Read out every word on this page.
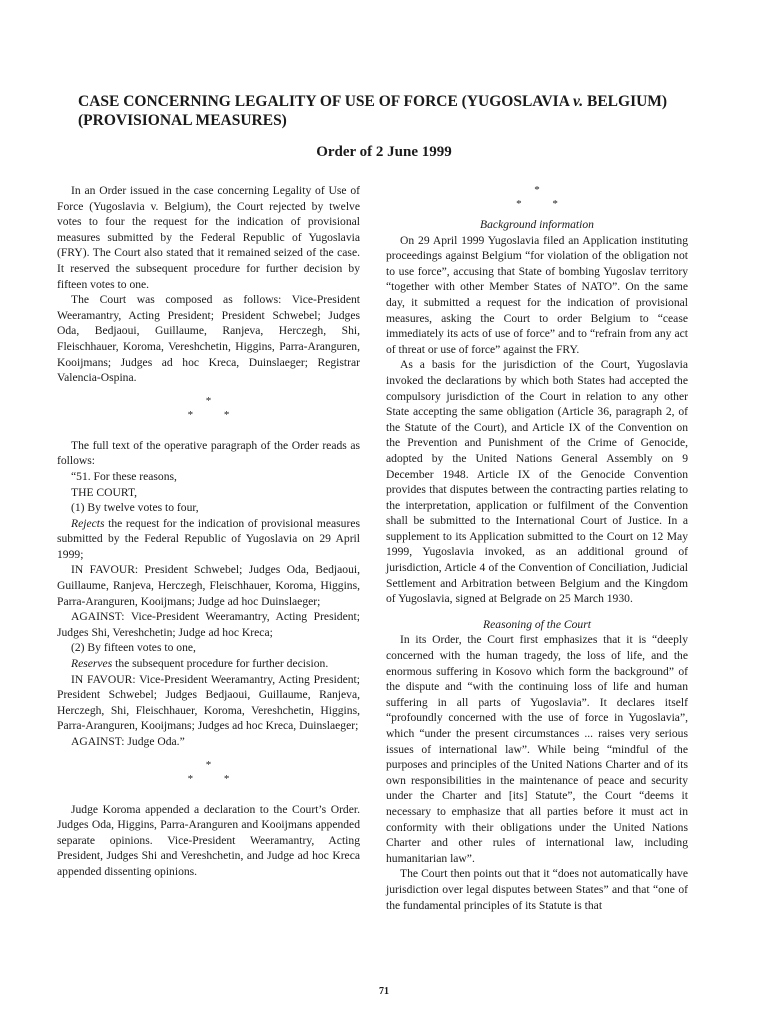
CASE CONCERNING LEGALITY OF USE OF FORCE (YUGOSLAVIA v. BELGIUM) (PROVISIONAL MEASURES)
Order of 2 June 1999

In an Order issued in the case concerning Legality of Use of Force (Yugoslavia v. Belgium), the Court rejected by twelve votes to four the request for the indication of provisional measures submitted by the Federal Republic of Yugoslavia (FRY). The Court also stated that it remained seized of the case. It reserved the subsequent procedure for further decision by fifteen votes to one.

The Court was composed as follows: Vice-President Weeramantry, Acting President; President Schwebel; Judges Oda, Bedjaoui, Guillaume, Ranjeva, Herczegh, Shi, Fleischhauer, Koroma, Vereshchetin, Higgins, Parra-Aranguren, Kooijmans; Judges ad hoc Kreca, Duinslaeger; Registrar Valencia-Ospina.

*
* *

The full text of the operative paragraph of the Order reads as follows:

“51. For these reasons,

THE COURT,

(1) By twelve votes to four,

Rejects the request for the indication of provisional measures submitted by the Federal Republic of Yugoslavia on 29 April 1999;

IN FAVOUR: President Schwebel; Judges Oda, Bedjaoui, Guillaume, Ranjeva, Herczegh, Fleischhauer, Koroma, Higgins, Parra-Aranguren, Kooijmans; Judge ad hoc Duinslaeger;

AGAINST: Vice-President Weeramantry, Acting President; Judges Shi, Vereshchetin; Judge ad hoc Kreca;

(2) By fifteen votes to one,

Reserves the subsequent procedure for further decision.

IN FAVOUR: Vice-President Weeramantry, Acting President; President Schwebel; Judges Bedjaoui, Guillaume, Ranjeva, Herczegh, Shi, Fleischhauer, Koroma, Vereshchetin, Higgins, Parra-Aranguren, Kooijmans; Judges ad hoc Kreca, Duinslaeger;

AGAINST: Judge Oda.”

*
* *

Judge Koroma appended a declaration to the Court’s Order. Judges Oda, Higgins, Parra-Aranguren and Kooijmans appended separate opinions. Vice-President Weeramantry, Acting President, Judges Shi and Vereshchetin, and Judge ad hoc Kreca appended dissenting opinions.

*
* *

Background information

On 29 April 1999 Yugoslavia filed an Application instituting proceedings against Belgium “for violation of the obligation not to use force”, accusing that State of bombing Yugoslav territory “together with other Member States of NATO”. On the same day, it submitted a request for the indication of provisional measures, asking the Court to order Belgium to “cease immediately its acts of use of force” and to “refrain from any act of threat or use of force” against the FRY.

As a basis for the jurisdiction of the Court, Yugoslavia invoked the declarations by which both States had accepted the compulsory jurisdiction of the Court in relation to any other State accepting the same obligation (Article 36, paragraph 2, of the Statute of the Court), and Article IX of the Convention on the Prevention and Punishment of the Crime of Genocide, adopted by the United Nations General Assembly on 9 December 1948. Article IX of the Genocide Convention provides that disputes between the contracting parties relating to the interpretation, application or fulfilment of the Convention shall be submitted to the International Court of Justice. In a supplement to its Application submitted to the Court on 12 May 1999, Yugoslavia invoked, as an additional ground of jurisdiction, Article 4 of the Convention of Conciliation, Judicial Settlement and Arbitration between Belgium and the Kingdom of Yugoslavia, signed at Belgrade on 25 March 1930.

Reasoning of the Court

In its Order, the Court first emphasizes that it is “deeply concerned with the human tragedy, the loss of life, and the enormous suffering in Kosovo which form the background” of the dispute and “with the continuing loss of life and human suffering in all parts of Yugoslavia”. It declares itself “profoundly concerned with the use of force in Yugoslavia”, which “under the present circumstances ... raises very serious issues of international law”. While being “mindful of the purposes and principles of the United Nations Charter and of its own responsibilities in the maintenance of peace and security under the Charter and [its] Statute”, the Court “deems it necessary to emphasize that all parties before it must act in conformity with their obligations under the United Nations Charter and other rules of international law, including humanitarian law”.

The Court then points out that it “does not automatically have jurisdiction over legal disputes between States” and that “one of the fundamental principles of its Statute is that

71
